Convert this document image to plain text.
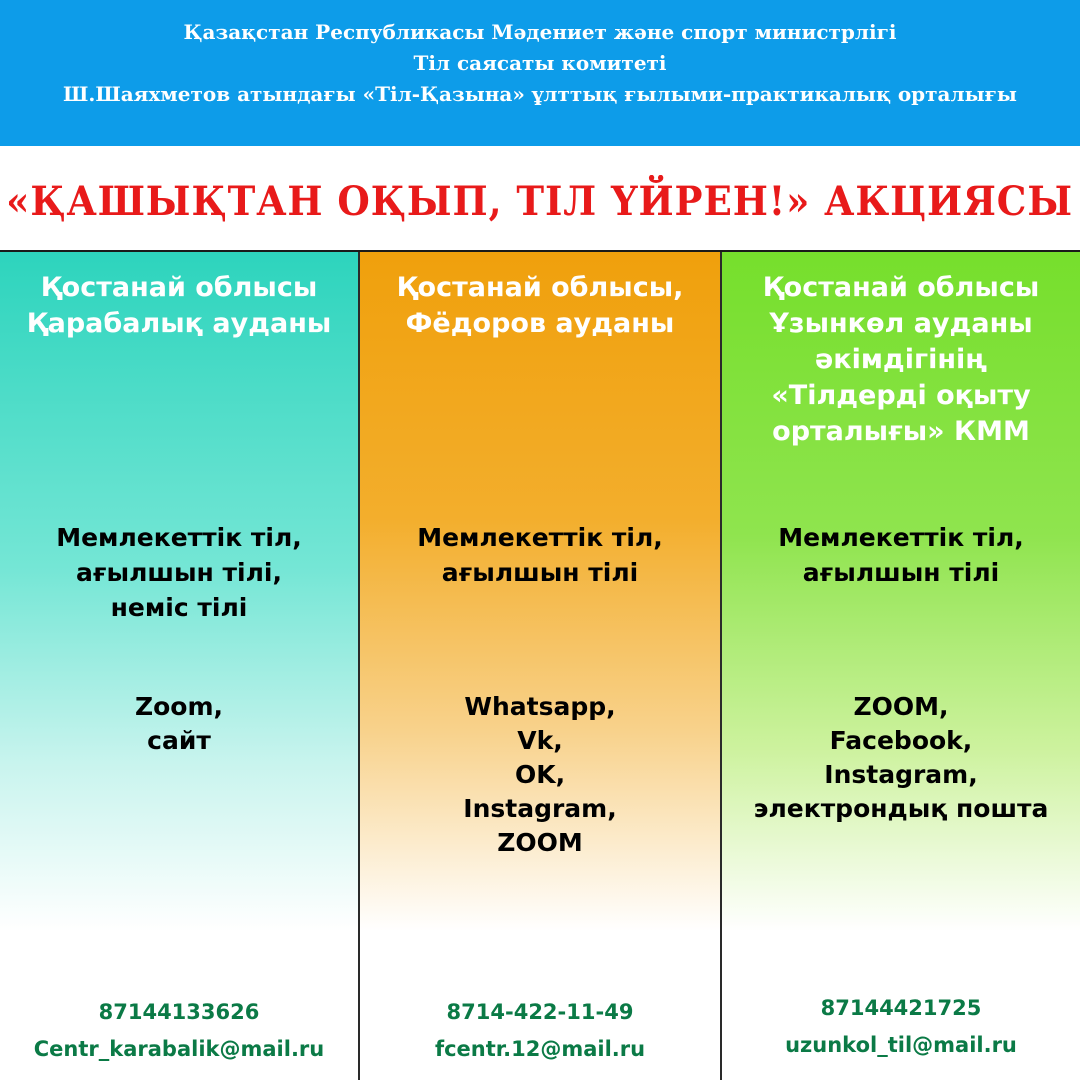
Қазақстан Республикасы Мәдениет және спорт министрлігі
Тіл саясаты комитеті
Ш.Шаяхметов атындағы «Тіл-Қазына» ұлттық ғылыми-практикалық орталығы
«ҚАШЫҚТАН ОҚЫП, ТІЛ ҮЙРЕН!» АКЦИЯСЫ
Қостанай облысы
Қарабалық ауданы
Мемлекеттік тіл,
ағылшын тілі,
неміс тілі
Zoom,
сайт
87144133626
Centr_karabalik@mail.ru
Қостанай облысы,
Фёдоров ауданы
Мемлекеттік тіл,
ағылшын тілі
Whatsapp,
Vk,
OK,
Instagram,
ZOOM
8714-422-11-49
fcentr.12@mail.ru
Қостанай облысы
Ұзынкөл ауданы
әкімдігінің
«Тілдерді оқыту
орталығы» КММ
Мемлекеттік тіл,
ағылшын тілі
ZOOM,
Facebook,
Instagram,
электрондық пошта
87144421725
uzunkol_til@mail.ru
